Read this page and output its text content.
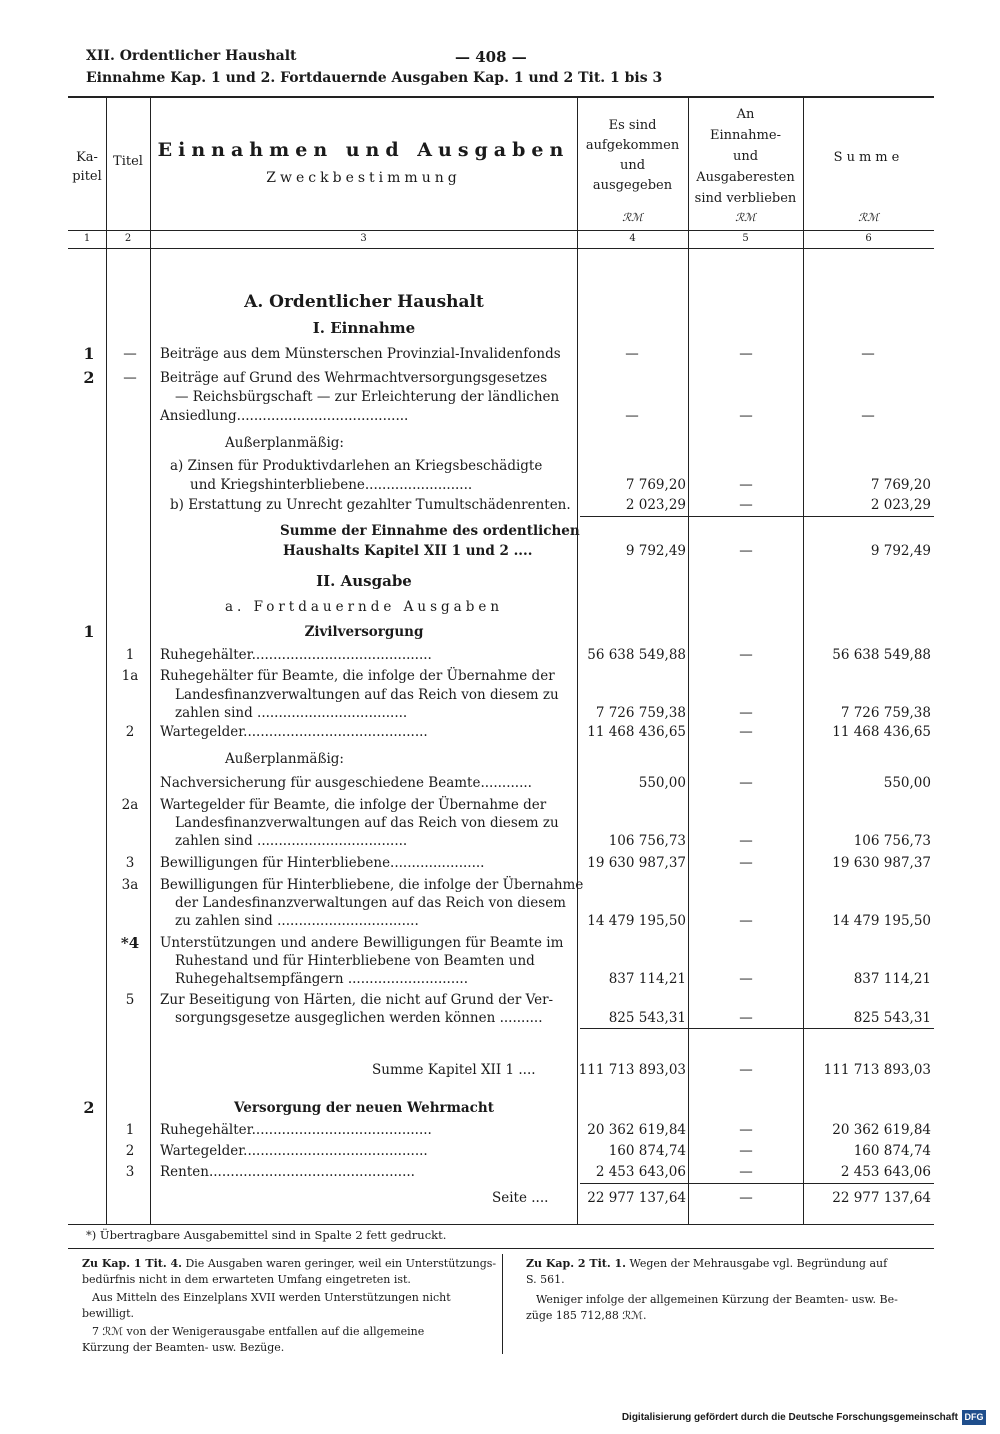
XII. Ordentlicher Haushalt	— 408 —
Einnahme Kap. 1 und 2. Fortdauernde Ausgaben Kap. 1 und 2 Tit. 1 bis 3
Ka-
pitel
Titel
Einnahmen und Ausgaben
Zweckbestimmung
Es sind
aufgekommen
und
ausgegeben
An
Einnahme-
und
Ausgaberesten
sind verblieben
Summe
ℛℳ	ℛℳ	ℛℳ
1	2	3	4	5	6
A. Ordentlicher Haushalt
I. Einnahme
1	—	Beiträge aus dem Münsterschen Provinzial-Invalidenfonds	—	—	—
2	—	Beiträge auf Grund des Wehrmachtversorgungsgesetzes
— Reichsbürgschaft — zur Erleichterung der ländlichen
Ansiedlung........................................	—	—	—
Außerplanmäßig:
a) Zinsen für Produktivdarlehen an Kriegsbeschädigte
und Kriegshinterbliebene.........................	7 769,20	—	7 769,20
b) Erstattung zu Unrecht gezahlter Tumultschädenrenten.	2 023,29	—	2 023,29
Summe der Einnahme des ordentlichen
Haushalts Kapitel XII 1 und 2 ....	9 792,49	—	9 792,49
II. Ausgabe
a. Fortdauernde Ausgaben
1	Zivilversorgung
1	Ruhegehälter..........................................	56 638 549,88	—	56 638 549,88
1a	Ruhegehälter für Beamte, die infolge der Übernahme der
Landesfinanzverwaltungen auf das Reich von diesem zu
zahlen sind ...................................	7 726 759,38	—	7 726 759,38
2	Wartegelder...........................................	11 468 436,65	—	11 468 436,65
Außerplanmäßig:
Nachversicherung für ausgeschiedene Beamte............	550,00	—	550,00
2a	Wartegelder für Beamte, die infolge der Übernahme der
Landesfinanzverwaltungen auf das Reich von diesem zu
zahlen sind ...................................	106 756,73	—	106 756,73
3	Bewilligungen für Hinterbliebene......................	19 630 987,37	—	19 630 987,37
3a	Bewilligungen für Hinterbliebene, die infolge der Übernahme
der Landesfinanzverwaltungen auf das Reich von diesem
zu zahlen sind .................................	14 479 195,50	—	14 479 195,50
*4	Unterstützungen und andere Bewilligungen für Beamte im
Ruhestand und für Hinterbliebene von Beamten und
Ruhegehaltsempfängern ............................	837 114,21	—	837 114,21
5	Zur Beseitigung von Härten, die nicht auf Grund der Ver-
sorgungsgesetze ausgeglichen werden können ..........	825 543,31	—	825 543,31
Summe Kapitel XII 1 ....	111 713 893,03	—	111 713 893,03
2	Versorgung der neuen Wehrmacht
1	Ruhegehälter..........................................	20 362 619,84	—	20 362 619,84
2	Wartegelder...........................................	160 874,74	—	160 874,74
3	Renten................................................	2 453 643,06	—	2 453 643,06
Seite ....	22 977 137,64	—	22 977 137,64
*) Übertragbare Ausgabemittel sind in Spalte 2 fett gedruckt.
Zu Kap. 1 Tit. 4. Die Ausgaben waren geringer, weil ein Unterstützungs-
bedürfnis nicht in dem erwarteten Umfang eingetreten ist.
Aus Mitteln des Einzelplans XVII werden Unterstützungen nicht
bewilligt.
7 ℛℳ von der Wenigerausgabe entfallen auf die allgemeine
Kürzung der Beamten- usw. Bezüge.
Zu Kap. 2 Tit. 1. Wegen der Mehrausgabe vgl. Begründung auf
S. 561.
Weniger infolge der allgemeinen Kürzung der Beamten- usw. Be-
züge 185 712,88 ℛℳ.
Digitalisierung gefördert durch die Deutsche Forschungsgemeinschaft DFG
